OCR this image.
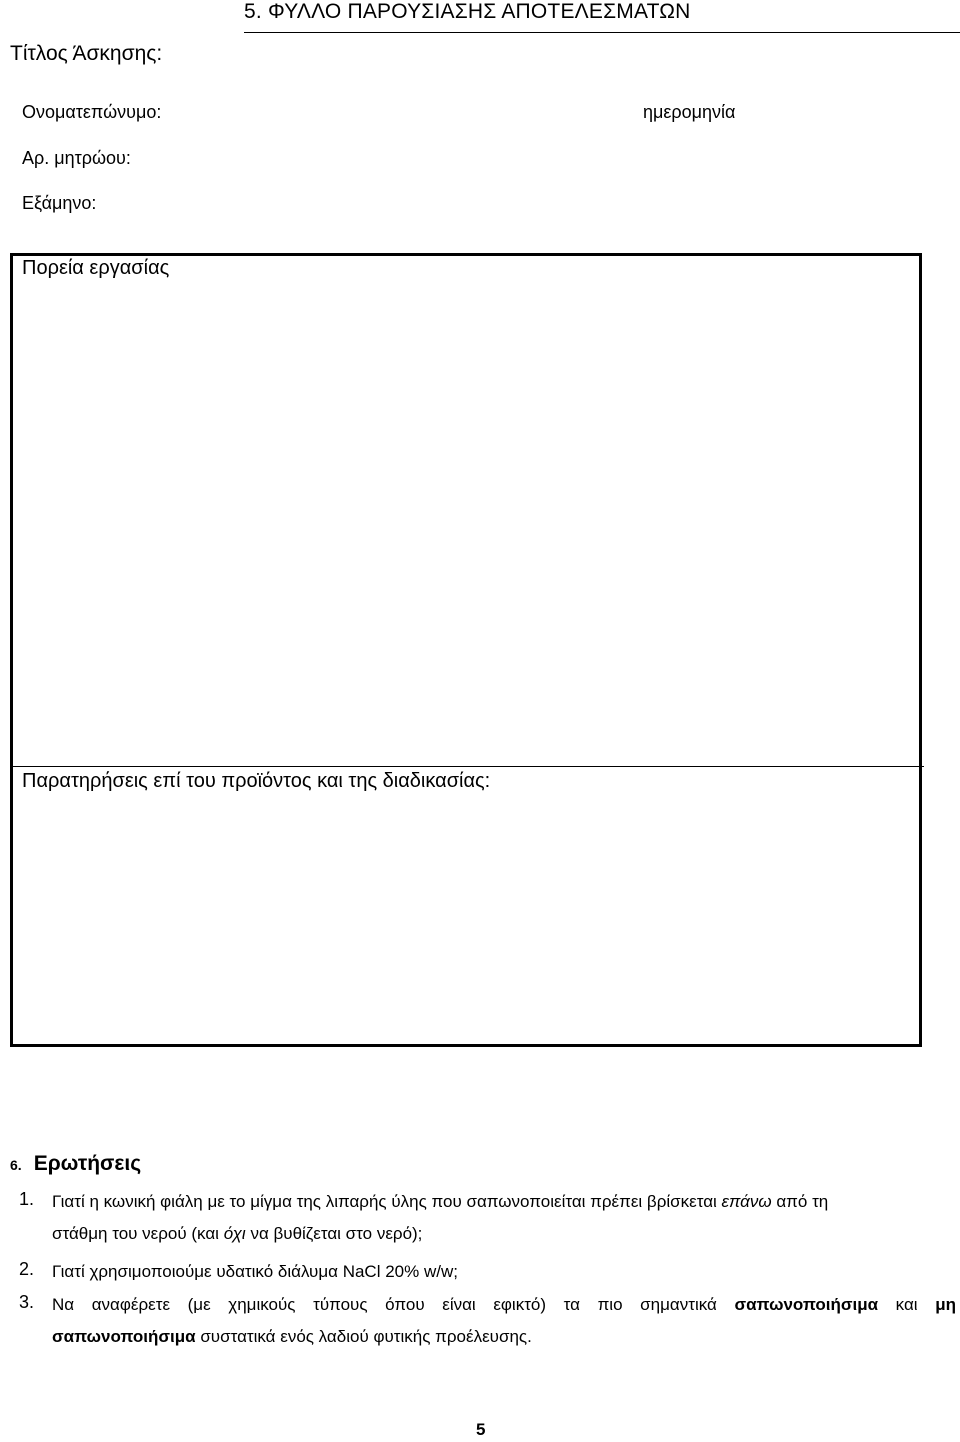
5. ΦΥΛΛΟ ΠΑΡΟΥΣΙΑΣΗΣ ΑΠΟΤΕΛΕΣΜΑΤΩΝ
Τίτλος Άσκησης:
Ονοματεπώνυμο:	ημερομηνία
Αρ. μητρώου:
Εξάμηνο:
Πορεία εργασίας
Παρατηρήσεις επί του προϊόντος και της διαδικασίας:
6. Ερωτήσεις
1. Γιατί η κωνική φιάλη με το μίγμα της λιπαρής ύλης που σαπωνοποιείται πρέπει βρίσκεται επάνω από τη
στάθμη του νερού (και όχι να βυθίζεται στο νερό);
2. Γιατί χρησιμοποιούμε υδατικό διάλυμα NaCl 20% w/w;
3. Να αναφέρετε (με χημικούς τύπους όπου είναι εφικτό) τα πιο σημαντικά σαπωνοποιήσιμα και μη
σαπωνοποιήσιμα συστατικά ενός λαδιού φυτικής προέλευσης.
5
